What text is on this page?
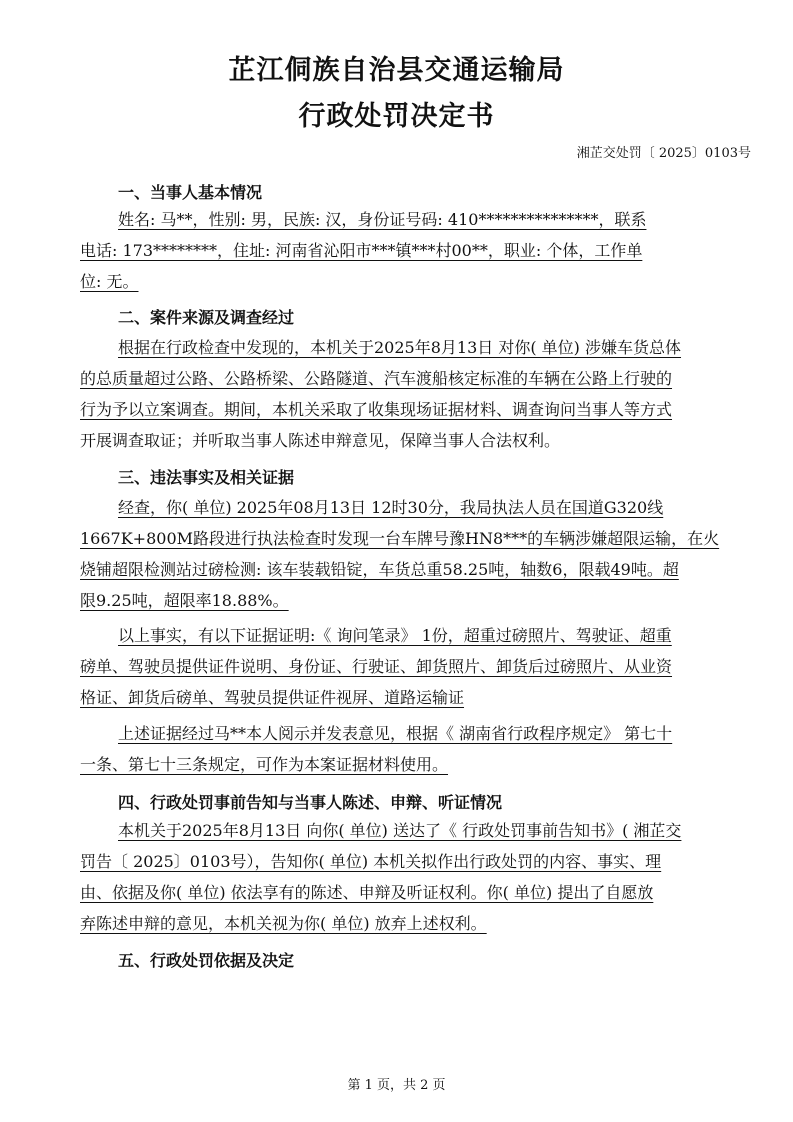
芷江侗族自治县交通运输局
行政处罚决定书
湘芷交处罚〔 2025〕0103号
一、当事人基本情况
姓名: 马**，性别: 男，民族: 汉，身份证号码: 410***************，联系
电话: 173********，住址: 河南省沁阳市***镇***村00**，职业: 个体，工作单
位: 无。
二、案件来源及调查经过
根据在行政检查中发现的，本机关于2025年8月13日 对你( 单位) 涉嫌车货总体
的总质量超过公路、公路桥梁、公路隧道、汽车渡船核定标准的车辆在公路上行驶的
行为予以立案调查。期间，本机关采取了收集现场证据材料、调查询问当事人等方式
开展调查取证；并听取当事人陈述申辩意见，保障当事人合法权利。
三、违法事实及相关证据
经查，你( 单位) 2025年08月13日 12时30分，我局执法人员在国道G320线
1667K+800M路段进行执法检查时发现一台车牌号豫HN8***的车辆涉嫌超限运输，在火
烧铺超限检测站过磅检测: 该车装载铅锭，车货总重58.25吨，轴数6，限载49吨。超
限9.25吨，超限率18.88%。
以上事实，有以下证据证明:《 询问笔录》 1份，超重过磅照片、驾驶证、超重
磅单、驾驶员提供证件说明、身份证、行驶证、卸货照片、卸货后过磅照片、从业资
格证、卸货后磅单、驾驶员提供证件视屏、道路运输证
上述证据经过马**本人阅示并发表意见，根据《 湖南省行政程序规定》 第七十
一条、第七十三条规定，可作为本案证据材料使用。
四、行政处罚事前告知与当事人陈述、申辩、听证情况
本机关于2025年8月13日 向你( 单位) 送达了《 行政处罚事前告知书》( 湘芷交
罚告〔 2025〕0103号），告知你( 单位) 本机关拟作出行政处罚的内容、事实、理
由、依据及你( 单位) 依法享有的陈述、申辩及听证权利。你( 单位) 提出了自愿放
弃陈述申辩的意见，本机关视为你( 单位) 放弃上述权利。
五、行政处罚依据及决定
第 1 页，共 2 页
